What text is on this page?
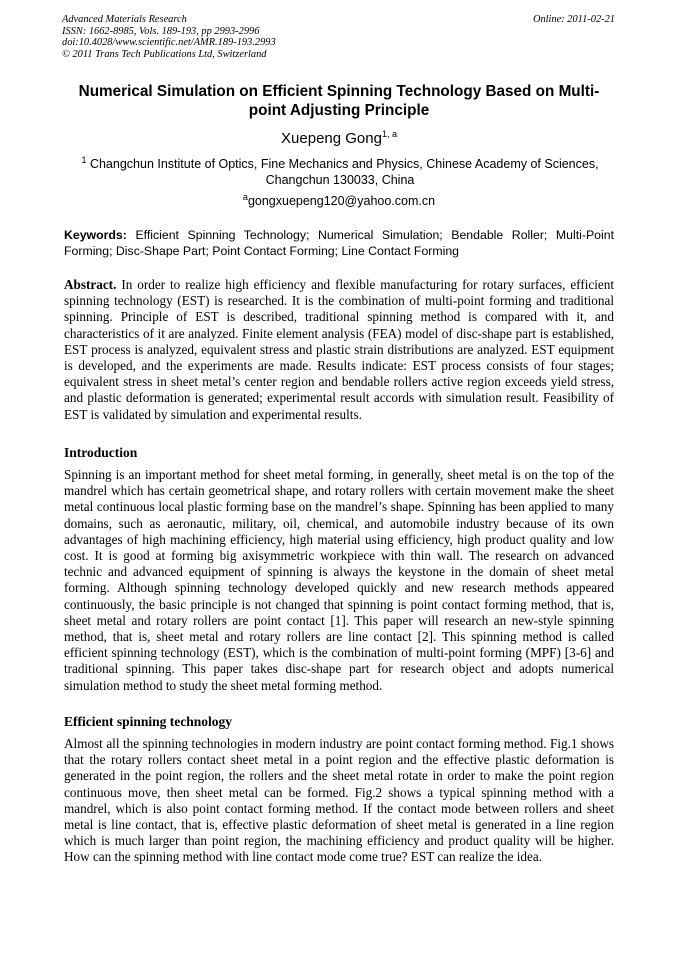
Advanced Materials Research
ISSN: 1662-8985, Vols. 189-193, pp 2993-2996
doi:10.4028/www.scientific.net/AMR.189-193.2993
© 2011 Trans Tech Publications Ltd, Switzerland
Online: 2011-02-21
Numerical Simulation on Efficient Spinning Technology Based on Multi-point Adjusting Principle
Xuepeng Gong$^{1, a}$
$^1$ Changchun Institute of Optics, Fine Mechanics and Physics, Chinese Academy of Sciences, Changchun 130033, China
$^a$gongxuepeng120@yahoo.com.cn
Keywords: Efficient Spinning Technology; Numerical Simulation; Bendable Roller; Multi-Point Forming; Disc-Shape Part; Point Contact Forming; Line Contact Forming
Abstract. In order to realize high efficiency and flexible manufacturing for rotary surfaces, efficient spinning technology (EST) is researched. It is the combination of multi-point forming and traditional spinning. Principle of EST is described, traditional spinning method is compared with it, and characteristics of it are analyzed. Finite element analysis (FEA) model of disc-shape part is established, EST process is analyzed, equivalent stress and plastic strain distributions are analyzed. EST equipment is developed, and the experiments are made. Results indicate: EST process consists of four stages; equivalent stress in sheet metal’s center region and bendable rollers active region exceeds yield stress, and plastic deformation is generated; experimental result accords with simulation result. Feasibility of EST is validated by simulation and experimental results.
Introduction
Spinning is an important method for sheet metal forming, in generally, sheet metal is on the top of the mandrel which has certain geometrical shape, and rotary rollers with certain movement make the sheet metal continuous local plastic forming base on the mandrel’s shape. Spinning has been applied to many domains, such as aeronautic, military, oil, chemical, and automobile industry because of its own advantages of high machining efficiency, high material using efficiency, high product quality and low cost. It is good at forming big axisymmetric workpiece with thin wall. The research on advanced technic and advanced equipment of spinning is always the keystone in the domain of sheet metal forming. Although spinning technology developed quickly and new research methods appeared continuously, the basic principle is not changed that spinning is point contact forming method, that is, sheet metal and rotary rollers are point contact [1]. This paper will research an new-style spinning method, that is, sheet metal and rotary rollers are line contact [2]. This spinning method is called efficient spinning technology (EST), which is the combination of multi-point forming (MPF) [3-6] and traditional spinning. This paper takes disc-shape part for research object and adopts numerical simulation method to study the sheet metal forming method.
Efficient spinning technology
Almost all the spinning technologies in modern industry are point contact forming method. Fig.1 shows that the rotary rollers contact sheet metal in a point region and the effective plastic deformation is generated in the point region, the rollers and the sheet metal rotate in order to make the point region continuous move, then sheet metal can be formed. Fig.2 shows a typical spinning method with a mandrel, which is also point contact forming method. If the contact mode between rollers and sheet metal is line contact, that is, effective plastic deformation of sheet metal is generated in a line region which is much larger than point region, the machining efficiency and product quality will be higher. How can the spinning method with line contact mode come true? EST can realize the idea.
